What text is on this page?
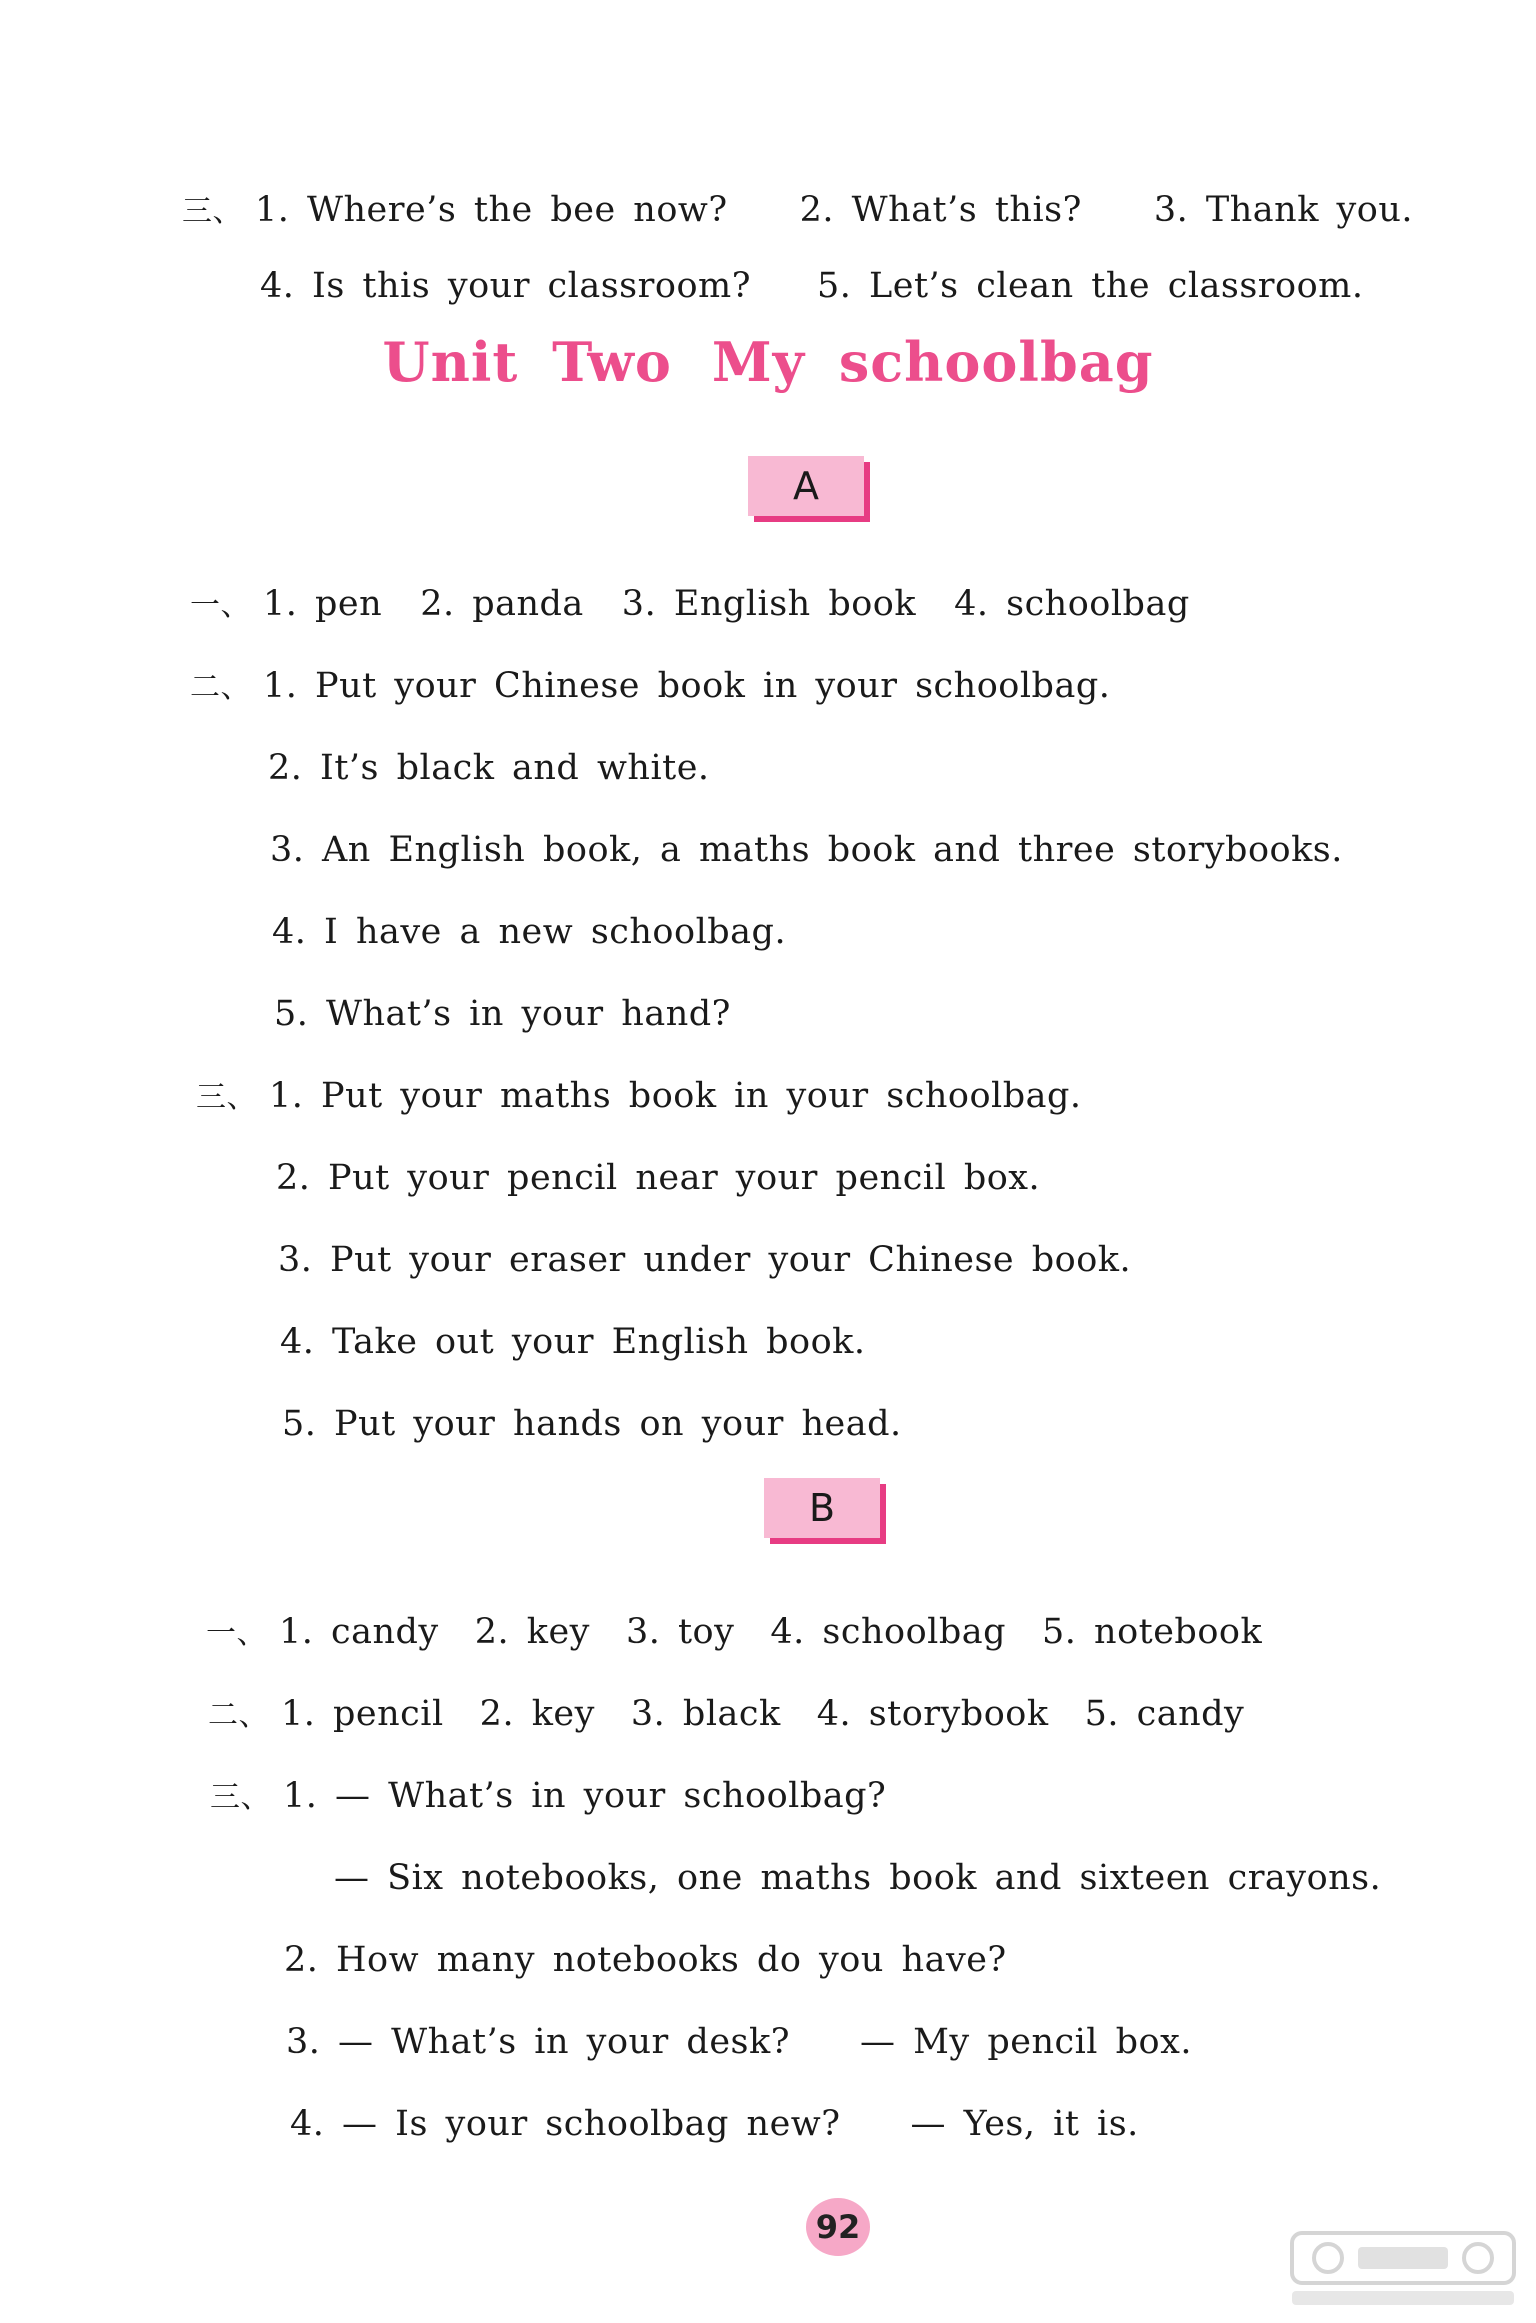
三、 1. Where’s the bee now? 2. What’s this? 3. Thank you.
4. Is this your classroom? 5. Let’s clean the classroom.
Unit Two My schoolbag
A
一、 1. pen 2. panda 3. English book 4. schoolbag
二、 1. Put your Chinese book in your schoolbag.
2. It’s black and white.
3. An English book, a maths book and three storybooks.
4. I have a new schoolbag.
5. What’s in your hand?
三、 1. Put your maths book in your schoolbag.
2. Put your pencil near your pencil box.
3. Put your eraser under your Chinese book.
4. Take out your English book.
5. Put your hands on your head.
B
一、 1. candy 2. key 3. toy 4. schoolbag 5. notebook
二、 1. pencil 2. key 3. black 4. storybook 5. candy
三、 1. — What’s in your schoolbag?
— Six notebooks, one maths book and sixteen crayons.
2. How many notebooks do you have?
3. — What’s in your desk? — My pencil box.
4. — Is your schoolbag new? — Yes, it is.
92
